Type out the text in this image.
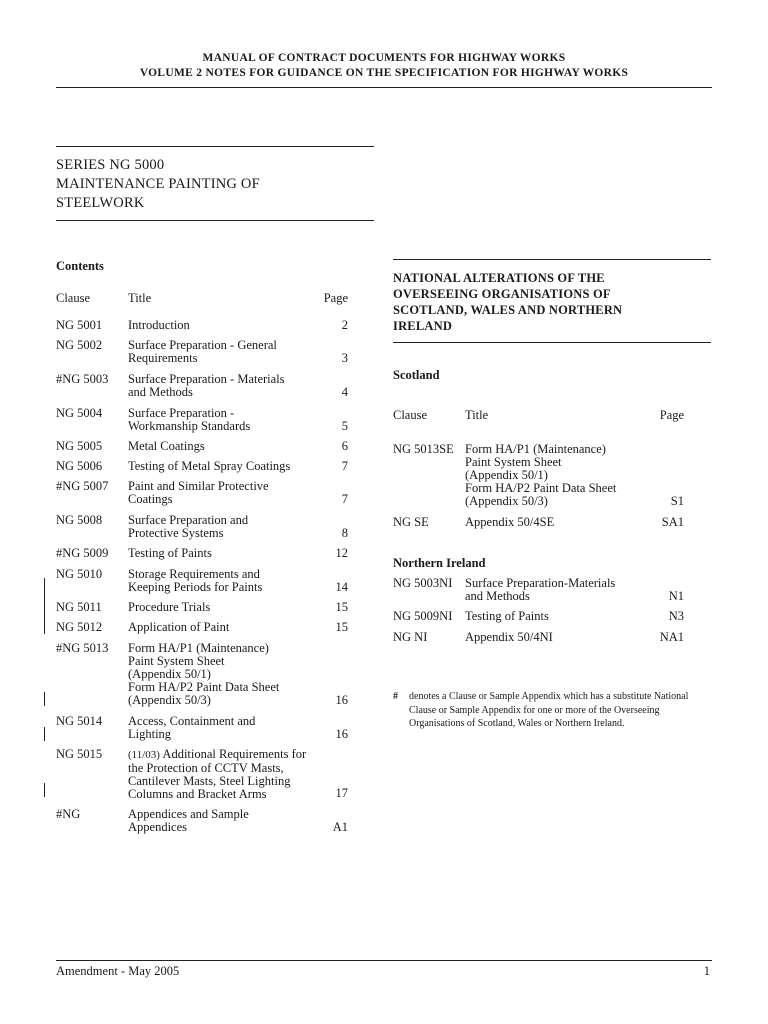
MANUAL OF CONTRACT DOCUMENTS FOR HIGHWAY WORKS
VOLUME 2 NOTES FOR GUIDANCE ON THE SPECIFICATION FOR HIGHWAY WORKS
SERIES NG 5000
MAINTENANCE PAINTING OF
STEELWORK
Contents
Clause	Title	Page
NG 5001 Introduction	2
NG 5002 Surface Preparation - General
Requirements	3
#NG 5003 Surface Preparation - Materials
and Methods	4
NG 5004 Surface Preparation -
Workmanship Standards	5
NG 5005 Metal Coatings	6
NG 5006 Testing of Metal Spray Coatings	7
#NG 5007 Paint and Similar Protective
Coatings	7
NG 5008 Surface Preparation and
Protective Systems	8
#NG 5009 Testing of Paints	12
NG 5010 Storage Requirements and
Keeping Periods for Paints	14
NG 5011 Procedure Trials	15
NG 5012 Application of Paint	15
#NG 5013 Form HA/P1 (Maintenance)
Paint System Sheet
(Appendix 50/1)
Form HA/P2 Paint Data Sheet
(Appendix 50/3)	16
NG 5014 Access, Containment and
Lighting	16
NG 5015 (11/03) Additional Requirements for
the Protection of CCTV Masts,
Cantilever Masts, Steel Lighting
Columns and Bracket Arms	17
#NG	Appendices and Sample
Appendices	A1
NATIONAL ALTERATIONS OF THE
OVERSEEING ORGANISATIONS OF
SCOTLAND, WALES AND NORTHERN
IRELAND
Scotland
Clause	Title	Page
NG 5013SE Form HA/P1 (Maintenance)
Paint System Sheet
(Appendix 50/1)
Form HA/P2 Paint Data Sheet
(Appendix 50/3)	S1
NG SE	Appendix 50/4SE	SA1
Northern Ireland
NG 5003NI Surface Preparation-Materials
and Methods	N1
NG 5009NI Testing of Paints	N3
NG NI	Appendix 50/4NI	NA1
# denotes a Clause or Sample Appendix which has a substitute National Clause or Sample Appendix for one or more of the Overseeing Organisations of Scotland, Wales or Northern Ireland.
Amendment - May 2005	1
